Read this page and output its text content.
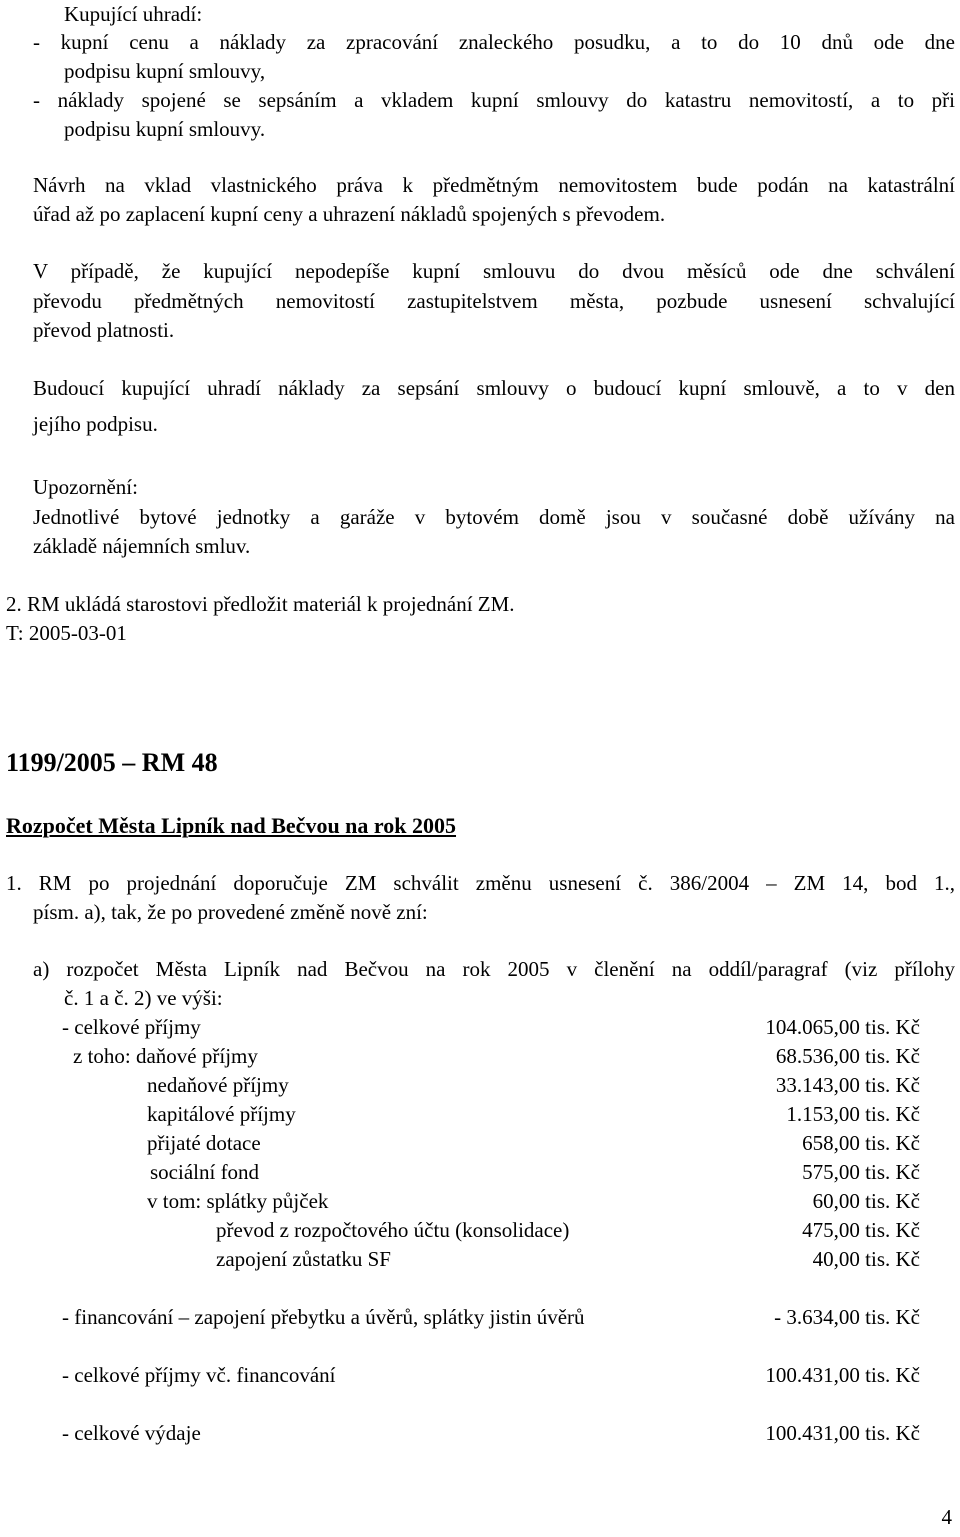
Kupující uhradí:
- kupní cenu a náklady za zpracování znaleckého posudku, a to do 10 dnů ode dne
podpisu kupní smlouvy,
- náklady spojené se sepsáním a vkladem kupní smlouvy do katastru nemovitostí, a to při
podpisu kupní smlouvy.
Návrh na vklad vlastnického práva k předmětným nemovitostem bude podán na katastrální
úřad až po zaplacení kupní ceny a uhrazení nákladů spojených s převodem.
V případě, že kupující nepodepíše kupní smlouvu do dvou měsíců ode dne schválení
převodu předmětných nemovitostí zastupitelstvem města, pozbude usnesení schvalující
převod platnosti.
Budoucí kupující uhradí náklady za sepsání smlouvy o budoucí kupní smlouvě, a to v den
jejího podpisu.
Upozornění:
Jednotlivé bytové jednotky a garáže v bytovém domě jsou v současné době užívány na
základě nájemních smluv.
2. RM ukládá starostovi předložit materiál k projednání ZM.
T: 2005-03-01
1199/2005 – RM 48
Rozpočet Města Lipník nad Bečvou na rok 2005
1. RM po projednání doporučuje ZM schválit změnu usnesení č. 386/2004 – ZM 14, bod 1.,
písm. a), tak, že po provedené změně nově zní:
a) rozpočet Města Lipník nad Bečvou na rok 2005 v členění na oddíl/paragraf (viz přílohy
č. 1 a č. 2) ve výši:
- celkové příjmy	104.065,00 tis. Kč
z toho: daňové příjmy	68.536,00 tis. Kč
nedaňové příjmy	33.143,00 tis. Kč
kapitálové příjmy	1.153,00 tis. Kč
přijaté dotace	658,00 tis. Kč
sociální fond	575,00 tis. Kč
v tom: splátky půjček	60,00 tis. Kč
převod z rozpočtového účtu (konsolidace)	475,00 tis. Kč
zapojení zůstatku SF	40,00 tis. Kč
- financování – zapojení přebytku a úvěrů, splátky jistin úvěrů	- 3.634,00 tis. Kč
- celkové příjmy vč. financování	100.431,00 tis. Kč
- celkové výdaje	100.431,00 tis. Kč
4
